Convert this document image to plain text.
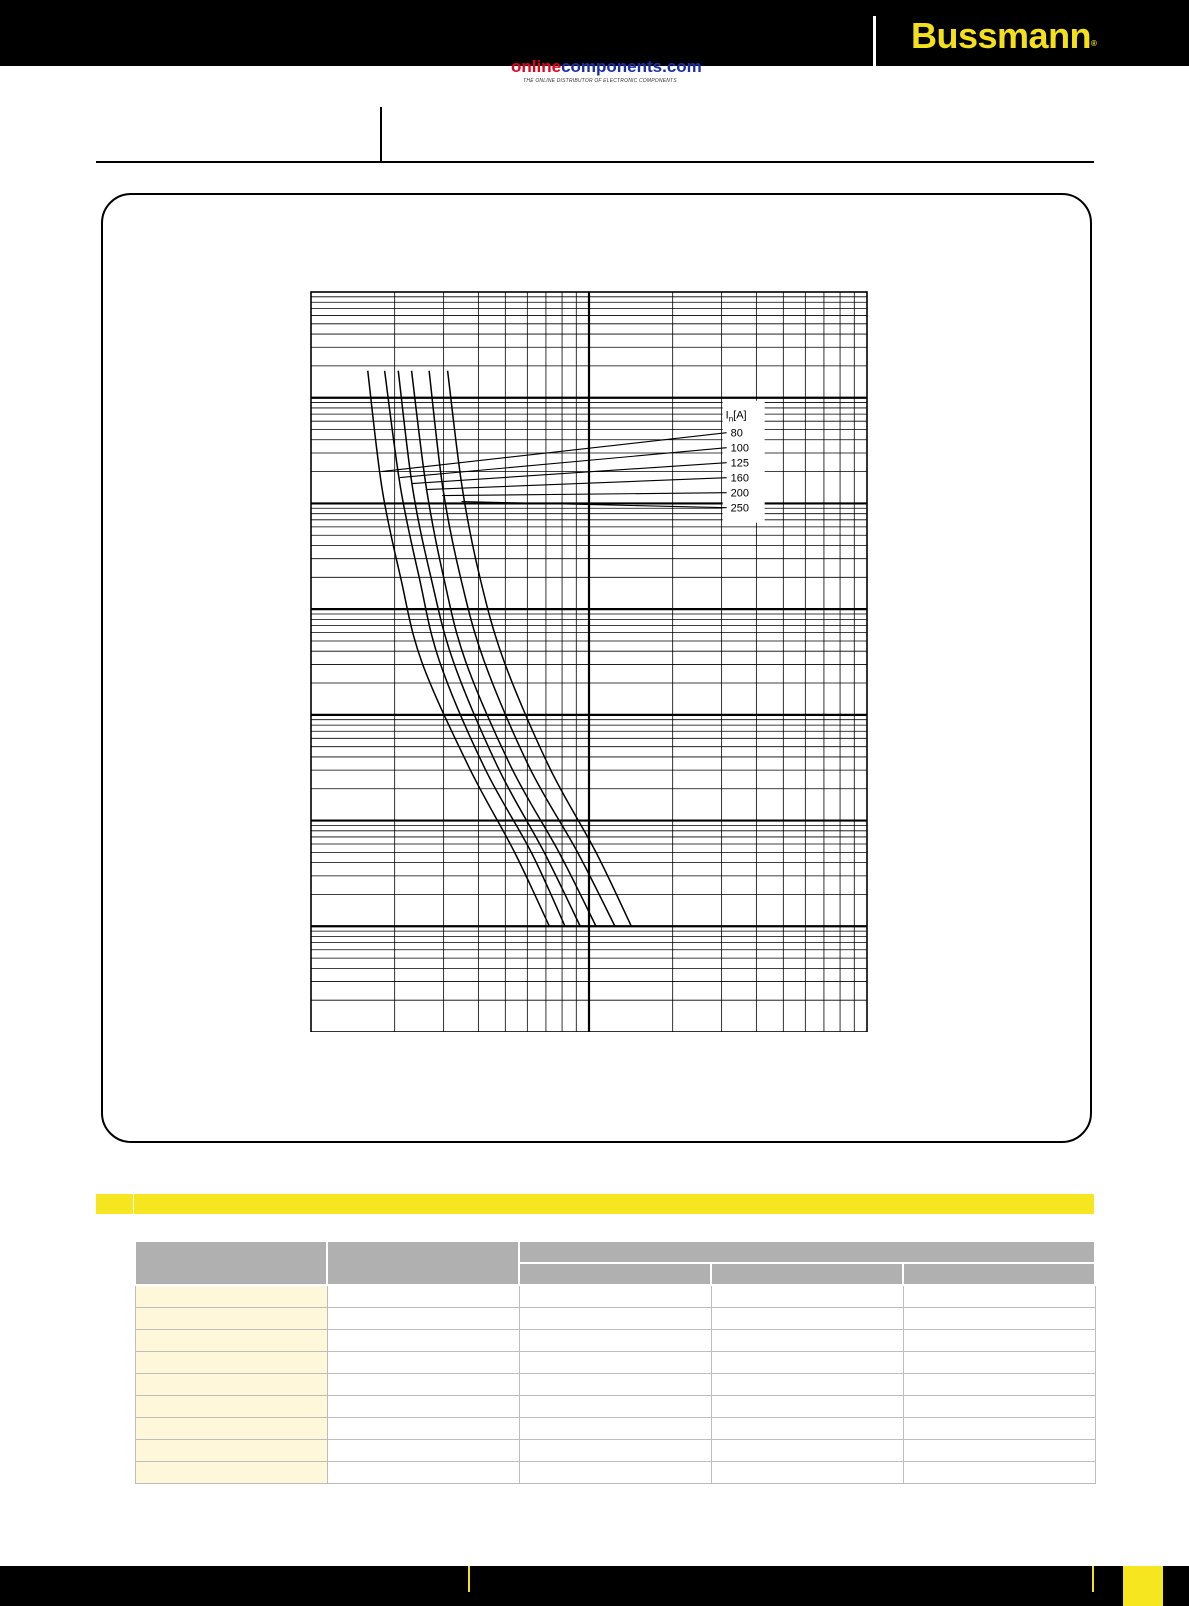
Bussmann®
onlinecomponents.com
THE ONLINE DISTRIBUTOR OF ELECTRONIC COMPONENTS
$I_n[A]$
80
100
125
160
200
250
